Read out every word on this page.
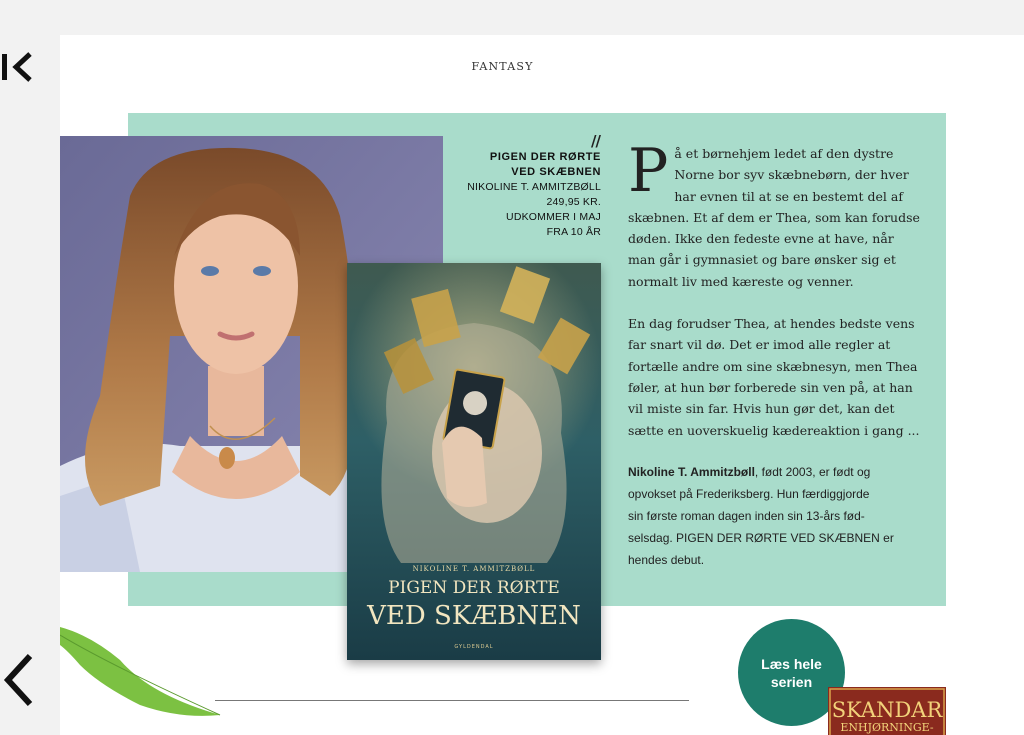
FANTASY
//
PIGEN DER RØRTE
VED SKÆBNEN
NIKOLINE T. AMMITZBØLL
249,95 KR.
UDKOMMER I MAJ
FRA 10 ÅR

På et børnehjem ledet af den dystre Norne bor syv skæbnebørn, der hver har evnen til at se en bestemt del af skæbnen. Et af dem er Thea, som kan forudse døden. Ikke den fedeste evne at have, når man går i gymnasiet og bare ønsker sig et normalt liv med kæreste og venner.

En dag forudser Thea, at hendes bedste vens far snart vil dø. Det er imod alle regler at fortælle andre om sine skæbnesyn, men Thea føler, at hun bør forberede sin ven på, at han vil miste sin far. Hvis hun gør det, kan det sætte en uoverskuelig kædereaktion i gang ...

Nikoline T. Ammitzbøll, født 2003, er født og
opvokset på Frederiksberg. Hun færdiggjorde
sin første roman dagen inden sin 13-års fød-
selsdag. PIGEN DER RØRTE VED SKÆBNEN er
hendes debut.
NIKOLINE T. AMMITZBØLL
PIGEN DER RØRTE
VED SKÆBNEN
GYLDENDAL
Læs hele
serien
SKANDAR
ENHJØRNINGE-
